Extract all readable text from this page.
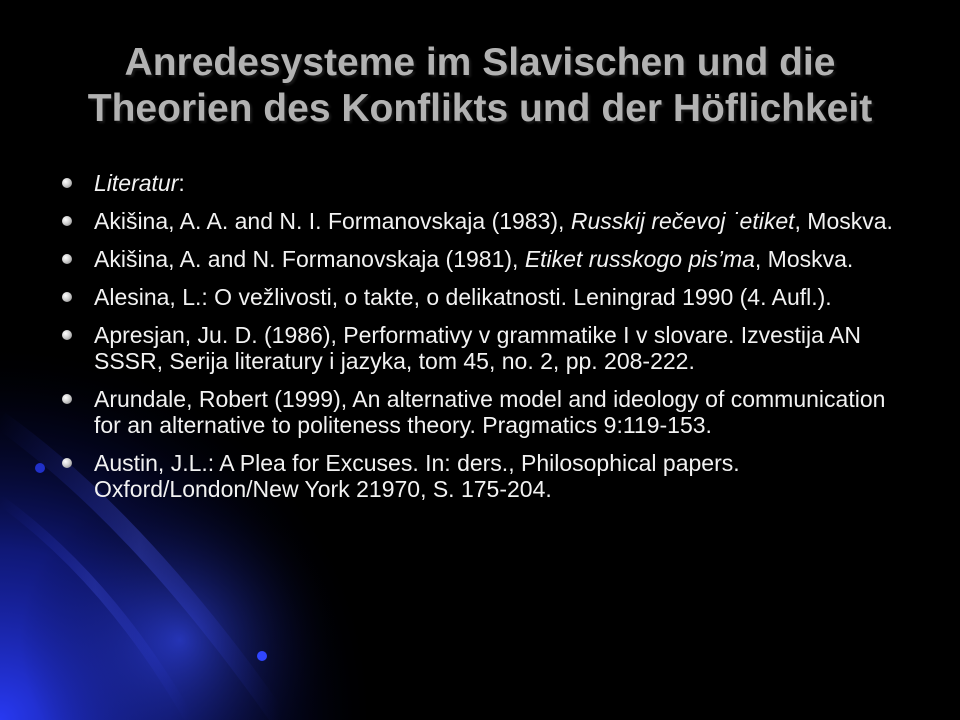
Anredesysteme im Slavischen und die
Theorien des Konflikts und der Höflichkeit
Literatur:
Akišina, A. A. and N. I. Formanovskaja (1983), Russkij rečevoj ˙etiket, Moskva.
Akišina, A. and N. Formanovskaja (1981), Etiket russkogo pis’ma, Moskva.
Alesina, L.: O vežlivosti, o takte, o delikatnosti. Leningrad 1990 (4. Aufl.).
Apresjan, Ju. D. (1986), Performativy v grammatike I v slovare. Izvestija AN SSSR, Serija literatury i jazyka, tom 45, no. 2, pp. 208-222.
Arundale, Robert (1999), An alternative model and ideology of communication for an alternative to politeness theory. Pragmatics 9:119-153.
Austin, J.L.: A Plea for Excuses. In: ders., Philosophical papers. Oxford/London/New York 21970, S. 175-204.
